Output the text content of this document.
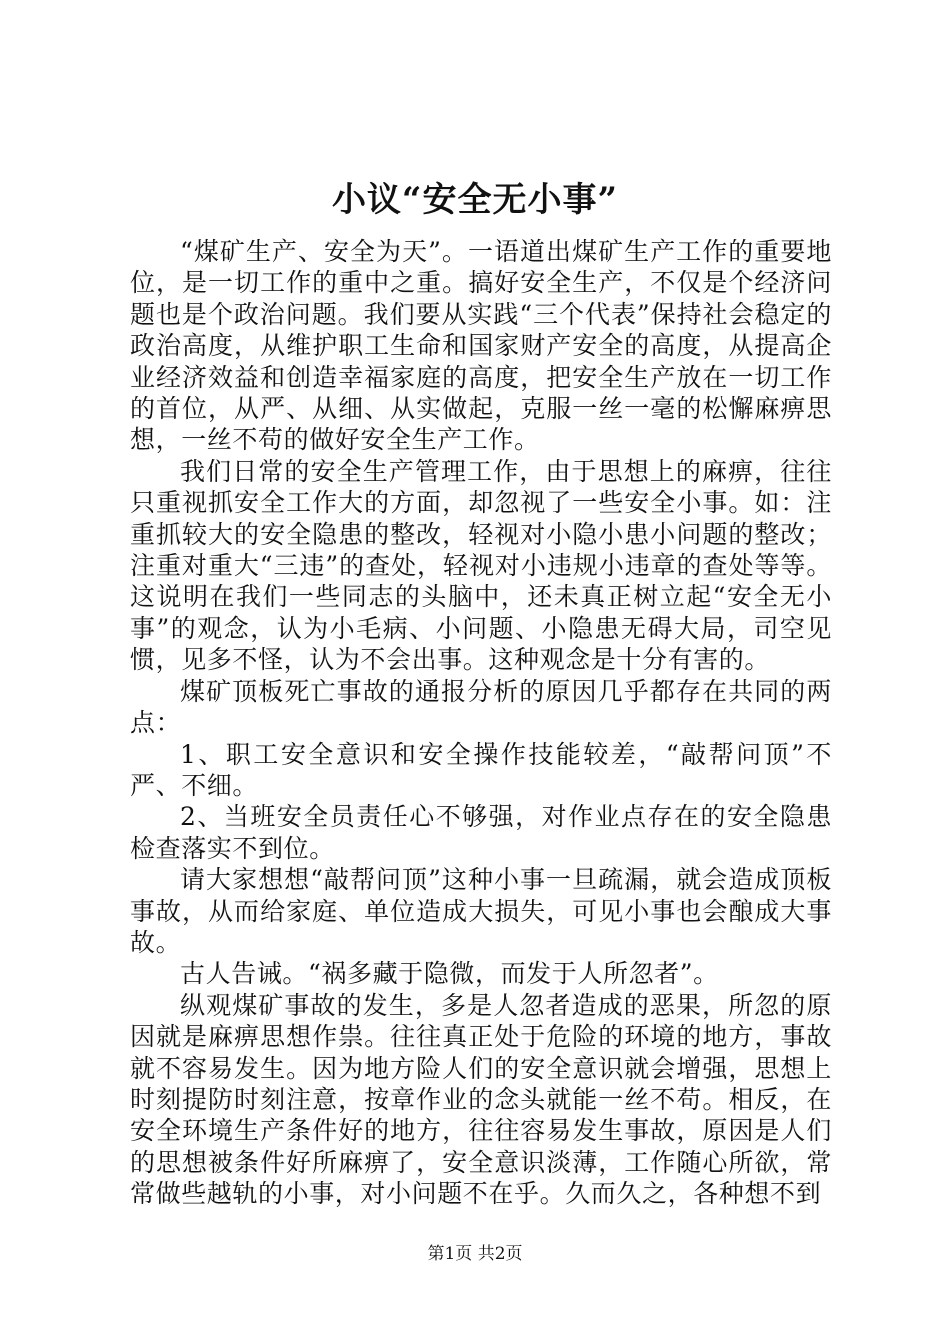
小议“安全无小事”

“煤矿生产、安全为天”。一语道出煤矿生产工作的重要地位，是一切工作的重中之重。搞好安全生产，不仅是个经济问题也是个政治问题。我们要从实践“三个代表”保持社会稳定的政治高度，从维护职工生命和国家财产安全的高度，从提高企业经济效益和创造幸福家庭的高度，把安全生产放在一切工作的首位，从严、从细、从实做起，克服一丝一毫的松懈麻痹思想，一丝不苟的做好安全生产工作。

我们日常的安全生产管理工作，由于思想上的麻痹，往往只重视抓安全工作大的方面，却忽视了一些安全小事。如：注重抓较大的安全隐患的整改，轻视对小隐小患小问题的整改；注重对重大“三违”的查处，轻视对小违规小违章的查处等等。这说明在我们一些同志的头脑中，还未真正树立起“安全无小事”的观念，认为小毛病、小问题、小隐患无碍大局，司空见惯，见多不怪，认为不会出事。这种观念是十分有害的。

煤矿顶板死亡事故的通报分析的原因几乎都存在共同的两点：

1、职工安全意识和安全操作技能较差，“敲帮问顶”不严、不细。

2、当班安全员责任心不够强，对作业点存在的安全隐患检查落实不到位。

请大家想想“敲帮问顶”这种小事一旦疏漏，就会造成顶板事故，从而给家庭、单位造成大损失，可见小事也会酿成大事故。

古人告诫。“祸多藏于隐微，而发于人所忽者”。

纵观煤矿事故的发生，多是人忽者造成的恶果，所忽的原因就是麻痹思想作祟。往往真正处于危险的环境的地方，事故就不容易发生。因为地方险人们的安全意识就会增强，思想上时刻提防时刻注意，按章作业的念头就能一丝不苟。相反，在安全环境生产条件好的地方，往往容易发生事故，原因是人们的思想被条件好所麻痹了，安全意识淡薄，工作随心所欲，常常做些越轨的小事，对小问题不在乎。久而久之，各种想不到

第1页 共2页
